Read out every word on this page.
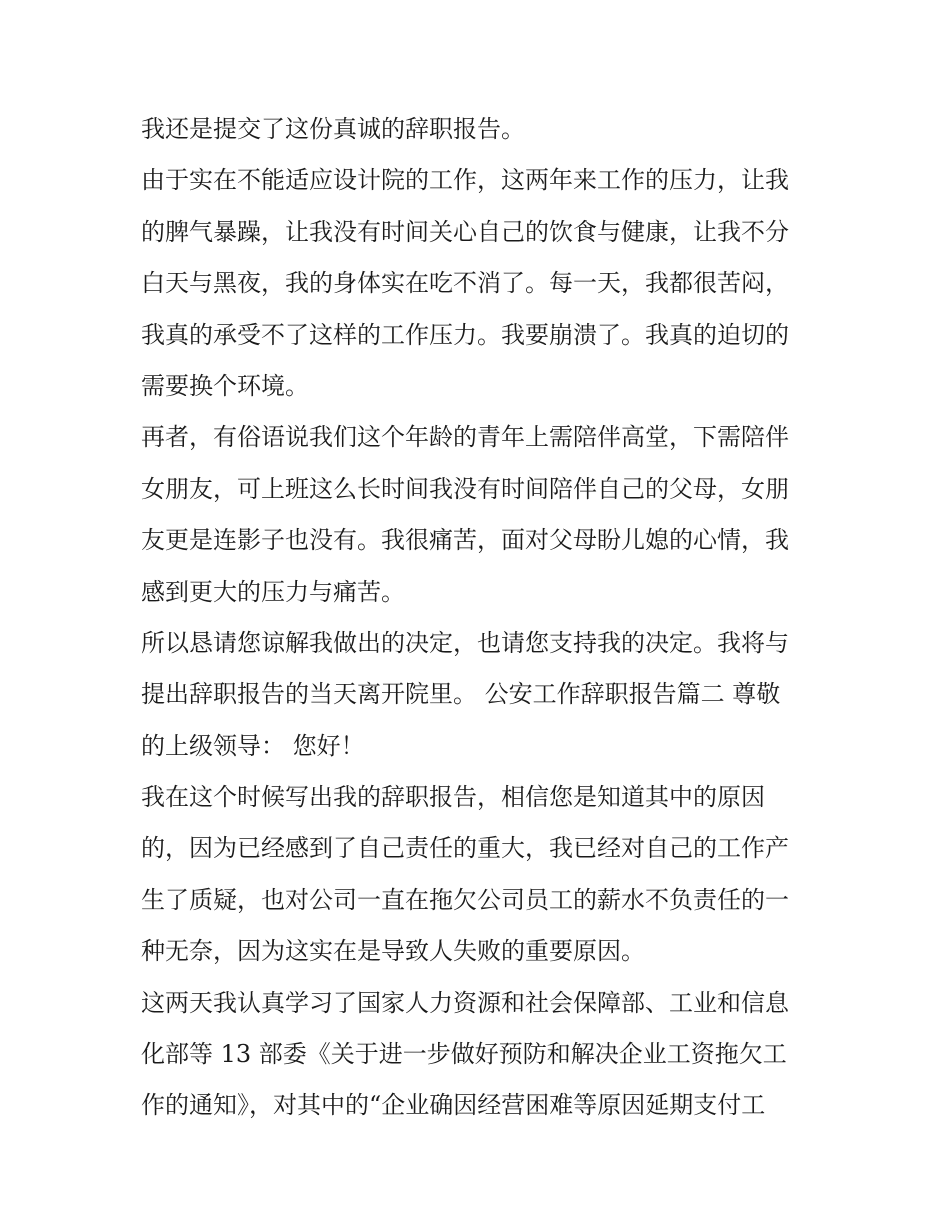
我还是提交了这份真诚的辞职报告。
由于实在不能适应设计院的工作，这两年来工作的压力，让我
的脾气暴躁，让我没有时间关心自己的饮食与健康，让我不分
白天与黑夜，我的身体实在吃不消了。每一天，我都很苦闷，
我真的承受不了这样的工作压力。我要崩溃了。我真的迫切的
需要换个环境。
再者，有俗语说我们这个年龄的青年上需陪伴高堂，下需陪伴
女朋友，可上班这么长时间我没有时间陪伴自己的父母，女朋
友更是连影子也没有。我很痛苦，面对父母盼儿媳的心情，我
感到更大的压力与痛苦。
所以恳请您谅解我做出的决定，也请您支持我的决定。我将与
提出辞职报告的当天离开院里。 公安工作辞职报告篇二 尊敬
的上级领导： 您好！
我在这个时候写出我的辞职报告，相信您是知道其中的原因
的，因为已经感到了自己责任的重大，我已经对自己的工作产
生了质疑，也对公司一直在拖欠公司员工的薪水不负责任的一
种无奈，因为这实在是导致人失败的重要原因。
这两天我认真学习了国家人力资源和社会保障部、工业和信息
化部等 13 部委《关于进一步做好预防和解决企业工资拖欠工
作的通知》，对其中的“企业确因经营困难等原因延期支付工
